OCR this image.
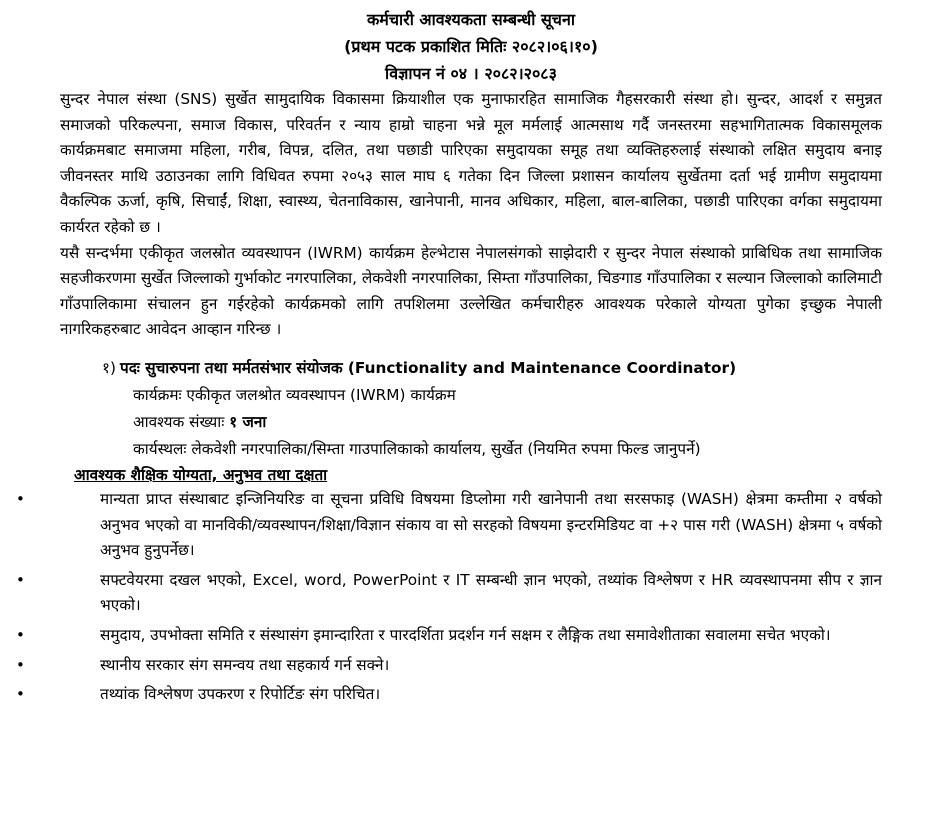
कर्मचारी आवश्यकता सम्बन्धी सूचना

(प्रथम पटक प्रकाशित मितिः २०८२।०६।१०)

विज्ञापन नं ०४ । २०८२।२०८३

सुन्दर नेपाल संस्था (SNS) सुर्खेत सामुदायिक विकासमा क्रियाशील एक मुनाफारहित सामाजिक गैहसरकारी संस्था हो। सुन्दर, आदर्श र समुन्नत समाजको परिकल्पना, समाज विकास, परिवर्तन र न्याय हाम्रो चाहना भन्ने मूल मर्मलाई आत्मसाथ गर्दै जनस्तरमा सहभागितात्मक विकासमूलक कार्यक्रमबाट समाजमा महिला, गरीब, विपन्न, दलित, तथा पछाडी पारिएका समुदायका समूह तथा व्यक्तिहरुलाई संस्थाको लक्षित समुदाय बनाइ जीवनस्तर माथि उठाउनका लागि विधिवत रुपमा २०५३ साल माघ ६ गतेका दिन जिल्ला प्रशासन कार्यालय सुर्खेतमा दर्ता भई ग्रामीण समुदायमा वैकल्पिक ऊर्जा, कृषि, सिचाईं, शिक्षा, स्वास्थ्य, चेतनाविकास, खानेपानी, मानव अधिकार, महिला, बाल-बालिका, पछाडी पारिएका वर्गका समुदायमा कार्यरत रहेको छ ।

यसै सन्दर्भमा एकीकृत जलस्रोत व्यवस्थापन (IWRM) कार्यक्रम हेल्भेटास नेपालसंगको साझेदारी र सुन्दर नेपाल संस्थाको प्राबिधिक तथा सामाजिक सहजीकरणमा सुर्खेत जिल्लाको गुर्भाकोट नगरपालिका, लेकवेशी नगरपालिका, सिम्ता गाँउपालिका, चिङगाड गाँउपालिका र सल्यान जिल्लाको कालिमाटी गाँउपालिकामा संचालन हुन गईरहेको कार्यक्रमको लागि तपशिलमा उल्लेखित कर्मचारीहरु आवश्यक परेकाले योग्यता पुगेका इच्छुक नेपाली नागरिकहरुबाट आवेदन आव्हान गरिन्छ ।

१) पदः सुचारुपना तथा मर्मतसंभार संयोजक (Functionality and Maintenance Coordinator)
कार्यक्रमः एकीकृत जलश्रोत व्यवस्थापन (IWRM) कार्यक्रम
आवश्यक संख्याः १ जना
कार्यस्थलः लेकवेशी नगरपालिका/सिम्ता गाउपालिकाको कार्यालय, सुर्खेत (नियमित रुपमा फिल्ड जानुपर्ने)
आवश्यक शैक्षिक योग्यता, अनुभव तथा दक्षता
•	मान्यता प्राप्त संस्थाबाट इन्जिनियरिङ वा सूचना प्रविधि विषयमा डिप्लोमा गरी खानेपानी तथा सरसफाइ (WASH) क्षेत्रमा कम्तीमा २ वर्षको अनुभव भएको वा मानविकी/व्यवस्थापन/शिक्षा/विज्ञान संकाय वा सो सरहको विषयमा इन्टरमिडियट वा +२ पास गरी (WASH) क्षेत्रमा ५ वर्षको अनुभव हुनुपर्नेछ।
•	सफ्टवेयरमा दखल भएको, Excel, word, PowerPoint र IT सम्बन्धी ज्ञान भएको, तथ्यांक विश्लेषण र HR व्यवस्थापनमा सीप र ज्ञान भएको।
•	समुदाय, उपभोक्ता समिति र संस्थासंग इमान्दारिता र पारदर्शिता प्रदर्शन गर्न सक्षम र लैङ्गिक तथा समावेशीताका सवालमा सचेत भएको।
•	स्थानीय सरकार संग समन्वय तथा सहकार्य गर्न सक्ने।
•	तथ्यांक विश्लेषण उपकरण र रिपोर्टिङ संग परिचित।
